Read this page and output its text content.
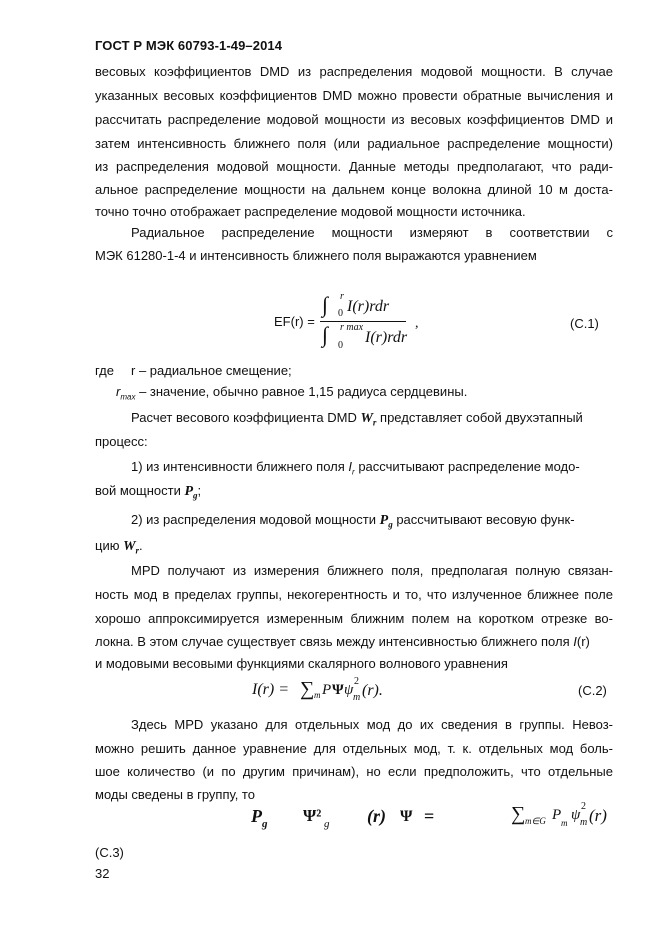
ГОСТ Р МЭК 60793-1-49–2014
весовых коэффициентов DMD из распределения модовой мощности. В случае
указанных весовых коэффициентов DMD можно провести обратные вычисления и
рассчитать распределение модовой мощности из весовых коэффициентов DMD и
затем интенсивность ближнего поля (или радиальное распределение мощности)
из распределения модовой мощности. Данные методы предполагают, что ради-
альное распределение мощности на дальнем конце волокна длиной 10 м доста-
точно точно отображает распределение модовой мощности источника.
Радиальное распределение мощности измеряют в соответствии с
МЭК 61280-1-4 и интенсивность ближнего поля выражаются уравнением
EF(r) =
∫ r
0 I(r)rdr
∫ r max
0 I(r)rdr
,	(С.1)
где r – радиальное смещение;
$r_{max}$ – значение, обычно равное 1,15 радиуса сердцевины.
Расчет весового коэффициента DMD $W_r$ представляет собой двухэтапный
процесс:
1) из интенсивности ближнего поля $I_r$ рассчитывают распределение модо-
вой мощности $P_g$;
2) из распределения модовой мощности $P_g$ рассчитывают весовую функ-
цию $W_r$.
MPD получают из измерения ближнего поля, предполагая полную связан-
ность мод в пределах группы, некогерентность и то, что излученное ближнее поле
хорошо аппроксимируется измеренным ближним полем на коротком отрезке во-
локна. В этом случае существует связь между интенсивностью ближнего поля I(r)
и модовыми весовыми функциями скалярного волнового уравнения
I(r) = ∑ m P Ψ ψ
2
m (r).	(С.2)
Здесь MPD указано для отдельных мод до их сведения в группы. Невоз-
можно решить данное уравнение для отдельных мод, т. к. отдельных мод боль-
шое количество (и по другим причинам), но если предположить, что отдельные
моды сведены в группу, то
P g Ψ² g (r) Ψ =	∑ m∈G P m ψ
2
m (r)
(С.3)
32
